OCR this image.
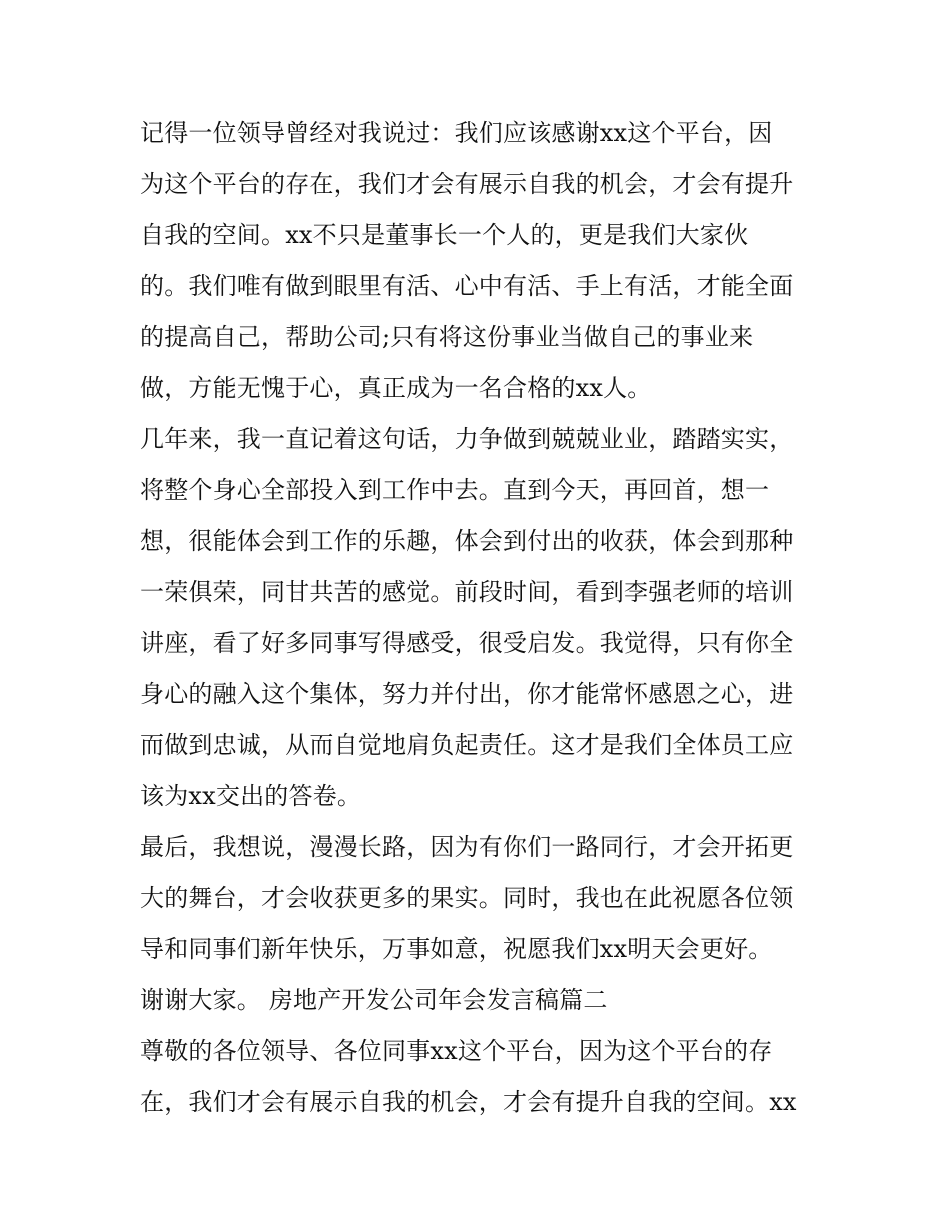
记得一位领导曾经对我说过：我们应该感谢xx这个平台，因
为这个平台的存在，我们才会有展示自我的机会，才会有提升
自我的空间。xx不只是董事长一个人的，更是我们大家伙
的。我们唯有做到眼里有活、心中有活、手上有活，才能全面
的提高自己，帮助公司;只有将这份事业当做自己的事业来
做，方能无愧于心，真正成为一名合格的xx人。
几年来，我一直记着这句话，力争做到兢兢业业，踏踏实实，
将整个身心全部投入到工作中去。直到今天，再回首，想一
想，很能体会到工作的乐趣，体会到付出的收获，体会到那种
一荣俱荣，同甘共苦的感觉。前段时间，看到李强老师的培训
讲座，看了好多同事写得感受，很受启发。我觉得，只有你全
身心的融入这个集体，努力并付出，你才能常怀感恩之心，进
而做到忠诚，从而自觉地肩负起责任。这才是我们全体员工应
该为xx交出的答卷。
最后，我想说，漫漫长路，因为有你们一路同行，才会开拓更
大的舞台，才会收获更多的果实。同时，我也在此祝愿各位领
导和同事们新年快乐，万事如意，祝愿我们xx明天会更好。
谢谢大家。 房地产开发公司年会发言稿篇二
尊敬的各位领导、各位同事xx这个平台，因为这个平台的存
在，我们才会有展示自我的机会，才会有提升自我的空间。xx
